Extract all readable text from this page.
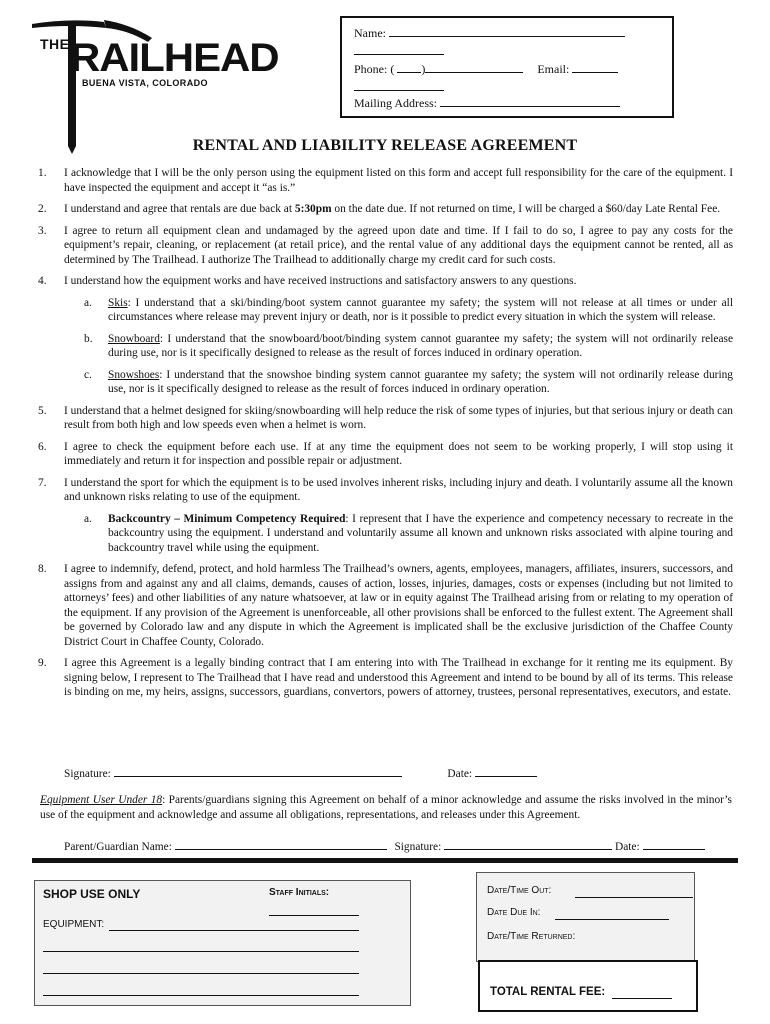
THE RAILHEAD
BUENA VISTA, COLORADO
Name:
Phone: ( )	Email:
Mailing Address:
RENTAL AND LIABILITY RELEASE AGREEMENT
1. I acknowledge that I will be the only person using the equipment listed on this form and accept full responsibility for the care of the equipment. I have inspected the equipment and accept it “as is.”
2. I understand and agree that rentals are due back at 5:30pm on the date due. If not returned on time, I will be charged a $60/day Late Rental Fee.
3. I agree to return all equipment clean and undamaged by the agreed upon date and time. If I fail to do so, I agree to pay any costs for the equipment’s repair, cleaning, or replacement (at retail price), and the rental value of any additional days the equipment cannot be rented, all as determined by The Trailhead. I authorize The Trailhead to additionally charge my credit card for such costs.
4. I understand how the equipment works and have received instructions and satisfactory answers to any questions.
a. Skis: I understand that a ski/binding/boot system cannot guarantee my safety; the system will not release at all times or under all circumstances where release may prevent injury or death, nor is it possible to predict every situation in which the system will release.
b. Snowboard: I understand that the snowboard/boot/binding system cannot guarantee my safety; the system will not ordinarily release during use, nor is it specifically designed to release as the result of forces induced in ordinary operation.
c. Snowshoes: I understand that the snowshoe binding system cannot guarantee my safety; the system will not ordinarily release during use, nor is it specifically designed to release as the result of forces induced in ordinary operation.
5. I understand that a helmet designed for skiing/snowboarding will help reduce the risk of some types of injuries, but that serious injury or death can result from both high and low speeds even when a helmet is worn.
6. I agree to check the equipment before each use. If at any time the equipment does not seem to be working properly, I will stop using it immediately and return it for inspection and possible repair or adjustment.
7. I understand the sport for which the equipment is to be used involves inherent risks, including injury and death. I voluntarily assume all the known and unknown risks relating to use of the equipment.
a. Backcountry – Minimum Competency Required: I represent that I have the experience and competency necessary to recreate in the backcountry using the equipment. I understand and voluntarily assume all known and unknown risks associated with alpine touring and backcountry travel while using the equipment.
8. I agree to indemnify, defend, protect, and hold harmless The Trailhead’s owners, agents, employees, managers, affiliates, insurers, successors, and assigns from and against any and all claims, demands, causes of action, losses, injuries, damages, costs or expenses (including but not limited to attorneys’ fees) and other liabilities of any nature whatsoever, at law or in equity against The Trailhead arising from or relating to my operation of the equipment. If any provision of the Agreement is unenforceable, all other provisions shall be enforced to the fullest extent. The Agreement shall be governed by Colorado law and any dispute in which the Agreement is implicated shall be the exclusive jurisdiction of the Chaffee County District Court in Chaffee County, Colorado.
9. I agree this Agreement is a legally binding contract that I am entering into with The Trailhead in exchange for it renting me its equipment. By signing below, I represent to The Trailhead that I have read and understood this Agreement and intend to be bound by all of its terms. This release is binding on me, my heirs, assigns, successors, guardians, convertors, powers of attorney, trustees, personal representatives, executors, and estate.
Signature:	Date:
Equipment User Under 18: Parents/guardians signing this Agreement on behalf of a minor acknowledge and assume the risks involved in the minor’s use of the equipment and acknowledge and assume all obligations, representations, and releases under this Agreement.
Parent/Guardian Name:	Signature:	Date:
SHOP USE ONLY	Staff Initials:
EQUIPMENT:
Date/Time Out:
Date Due In:
Date/Time Returned:
TOTAL RENTAL FEE:
